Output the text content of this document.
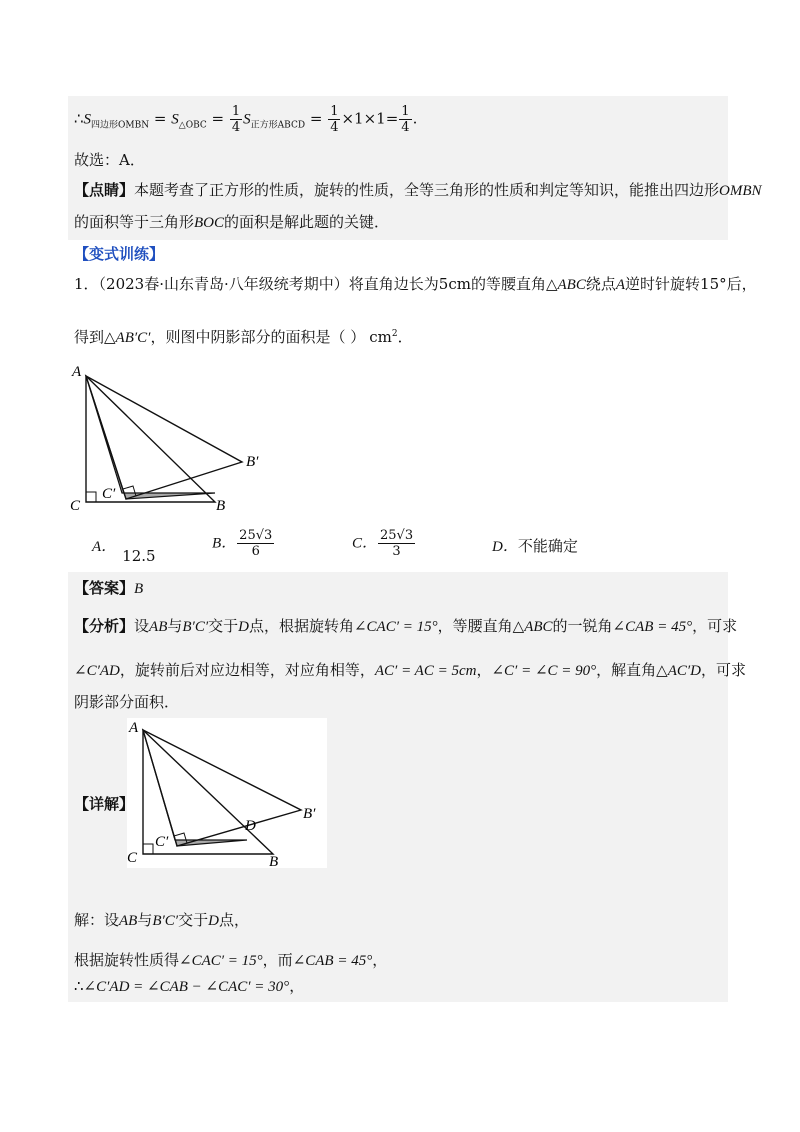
$\therefore S_{四边形OMBN} = S_{\triangle OBC} = \frac{1}{4} S_{正方形ABCD} = \frac{1}{4} \times 1\times 1= \frac{1}{4}$ .
故选：A．
【点睛】本题考查了正方形的性质，旋转的性质，全等三角形的性质和判定等知识，能推出四边形OMBN
的面积等于三角形BOC的面积是解此题的关键．
【变式训练】
1．（2023春·山东青岛·八年级统考期中）将直角边长为5cm的等腰直角△ABC绕点A逆时针旋转15°后，
得到△AB′C′，则图中阴影部分的面积是（ ） $cm^2$．
A
B′
C
C′
B
A． 12.5
B． $\frac{25√3}{6}$	C． $\frac{25√3}{3}$	D．不能确定
【答案】B
【分析】设AB与B′C′交于D点，根据旋转角∠CAC′ = 15°，等腰直角△ABC的一锐角∠CAB = 45°，可求
∠C′AD，旋转前后对应边相等，对应角相等，AC′ = AC = 5cm，∠C′ = ∠C = 90°，解直角△AC′D，可求
阴影部分面积．
A
D
B′
C
C′
B
【详解】
解：设AB与B′C′交于D点，
根据旋转性质得∠CAC′ = 15°，而∠CAB = 45°，
∴∠C′AD = ∠CAB − ∠CAC′ = 30°，
